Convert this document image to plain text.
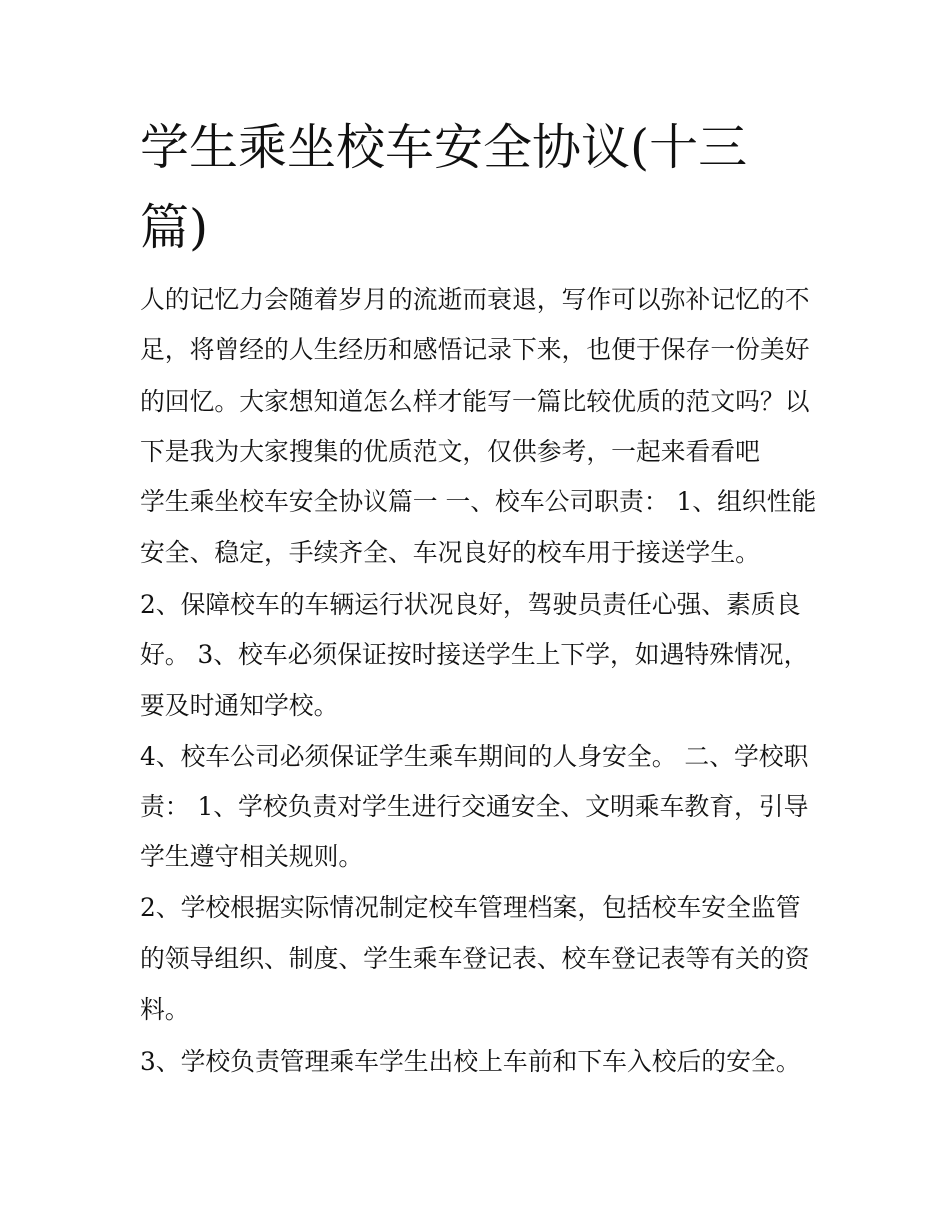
学生乘坐校车安全协议(十三
篇)
人的记忆力会随着岁月的流逝而衰退，写作可以弥补记忆的不
足，将曾经的人生经历和感悟记录下来，也便于保存一份美好
的回忆。大家想知道怎么样才能写一篇比较优质的范文吗？以
下是我为大家搜集的优质范文，仅供参考，一起来看看吧
学生乘坐校车安全协议篇一 一、校车公司职责： 1、组织性能
安全、稳定，手续齐全、车况良好的校车用于接送学生。
2、保障校车的车辆运行状况良好，驾驶员责任心强、素质良
好。 3、校车必须保证按时接送学生上下学，如遇特殊情况，
要及时通知学校。
4、校车公司必须保证学生乘车期间的人身安全。 二、学校职
责： 1、学校负责对学生进行交通安全、文明乘车教育，引导
学生遵守相关规则。
2、学校根据实际情况制定校车管理档案，包括校车安全监管
的领导组织、制度、学生乘车登记表、校车登记表等有关的资
料。
3、学校负责管理乘车学生出校上车前和下车入校后的安全。
